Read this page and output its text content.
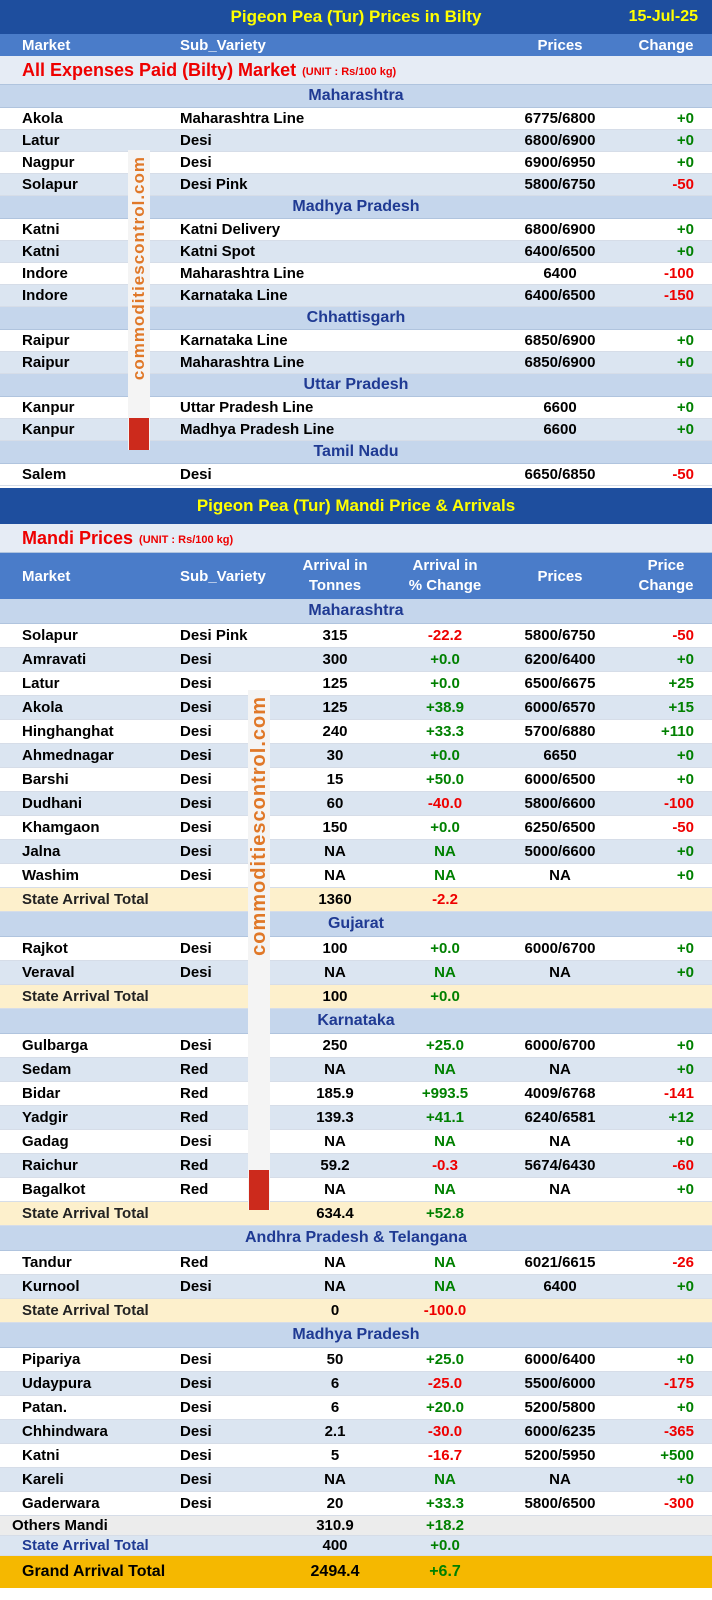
Pigeon Pea (Tur) Prices in Bilty	15-Jul-25
Market	Sub_Variety	Prices	Change
All Expenses Paid (Bilty) Market (UNIT : Rs/100 kg)
Maharashtra
Akola	Maharashtra Line	6775/6800	+0
Latur	Desi	6800/6900	+0
Nagpur	Desi	6900/6950	+0
Solapur	Desi Pink	5800/6750	-50
Madhya Pradesh
Katni	Katni Delivery	6800/6900	+0
Katni	Katni Spot	6400/6500	+0
Indore	Maharashtra Line	6400	-100
Indore	Karnataka Line	6400/6500	-150
Chhattisgarh
Raipur	Karnataka Line	6850/6900	+0
Raipur	Maharashtra Line	6850/6900	+0
Uttar Pradesh
Kanpur	Uttar Pradesh Line	6600	+0
Kanpur	Madhya Pradesh Line	6600	+0
Tamil Nadu
Salem	Desi	6650/6850	-50
Pigeon Pea (Tur) Mandi Price & Arrivals
Mandi Prices (UNIT : Rs/100 kg)
Market	Sub_Variety
Arrival in
Tonnes
Arrival in
% Change
Prices
Price
Change
Maharashtra
Solapur	Desi Pink	315	-22.2	5800/6750	-50
Amravati	Desi	300	+0.0	6200/6400	+0
Latur	Desi	125	+0.0	6500/6675	+25
Akola	Desi	125	+38.9	6000/6570	+15
Hinghanghat	Desi	240	+33.3	5700/6880	+110
Ahmednagar	Desi	30	+0.0	6650	+0
Barshi	Desi	15	+50.0	6000/6500	+0
Dudhani	Desi	60	-40.0	5800/6600	-100
Khamgaon	Desi	150	+0.0	6250/6500	-50
Jalna	Desi	NA	NA	5000/6600	+0
Washim	Desi	NA	NA	NA	+0
State Arrival Total	1360	-2.2
Gujarat
Rajkot	Desi	100	+0.0	6000/6700	+0
Veraval	Desi	NA	NA	NA	+0
State Arrival Total	100	+0.0
Karnataka
Gulbarga	Desi	250	+25.0	6000/6700	+0
Sedam	Red	NA	NA	NA	+0
Bidar	Red	185.9	+993.5	4009/6768	-141
Yadgir	Red	139.3	+41.1	6240/6581	+12
Gadag	Desi	NA	NA	NA	+0
Raichur	Red	59.2	-0.3	5674/6430	-60
Bagalkot	Red	NA	NA	NA	+0
State Arrival Total	634.4	+52.8
Andhra Pradesh & Telangana
Tandur	Red	NA	NA	6021/6615	-26
Kurnool	Desi	NA	NA	6400	+0
State Arrival Total	0	-100.0
Madhya Pradesh
Pipariya	Desi	50	+25.0	6000/6400	+0
Udaypura	Desi	6	-25.0	5500/6000	-175
Patan.	Desi	6	+20.0	5200/5800	+0
Chhindwara	Desi	2.1	-30.0	6000/6235	-365
Katni	Desi	5	-16.7	5200/5950	+500
Kareli	Desi	NA	NA	NA	+0
Gaderwara	Desi	20	+33.3	5800/6500	-300
Others Mandi	310.9	+18.2
State Arrival Total	400	+0.0
Grand Arrival Total	2494.4	+6.7
commoditiescontrol.com
commoditiescontrol.com
